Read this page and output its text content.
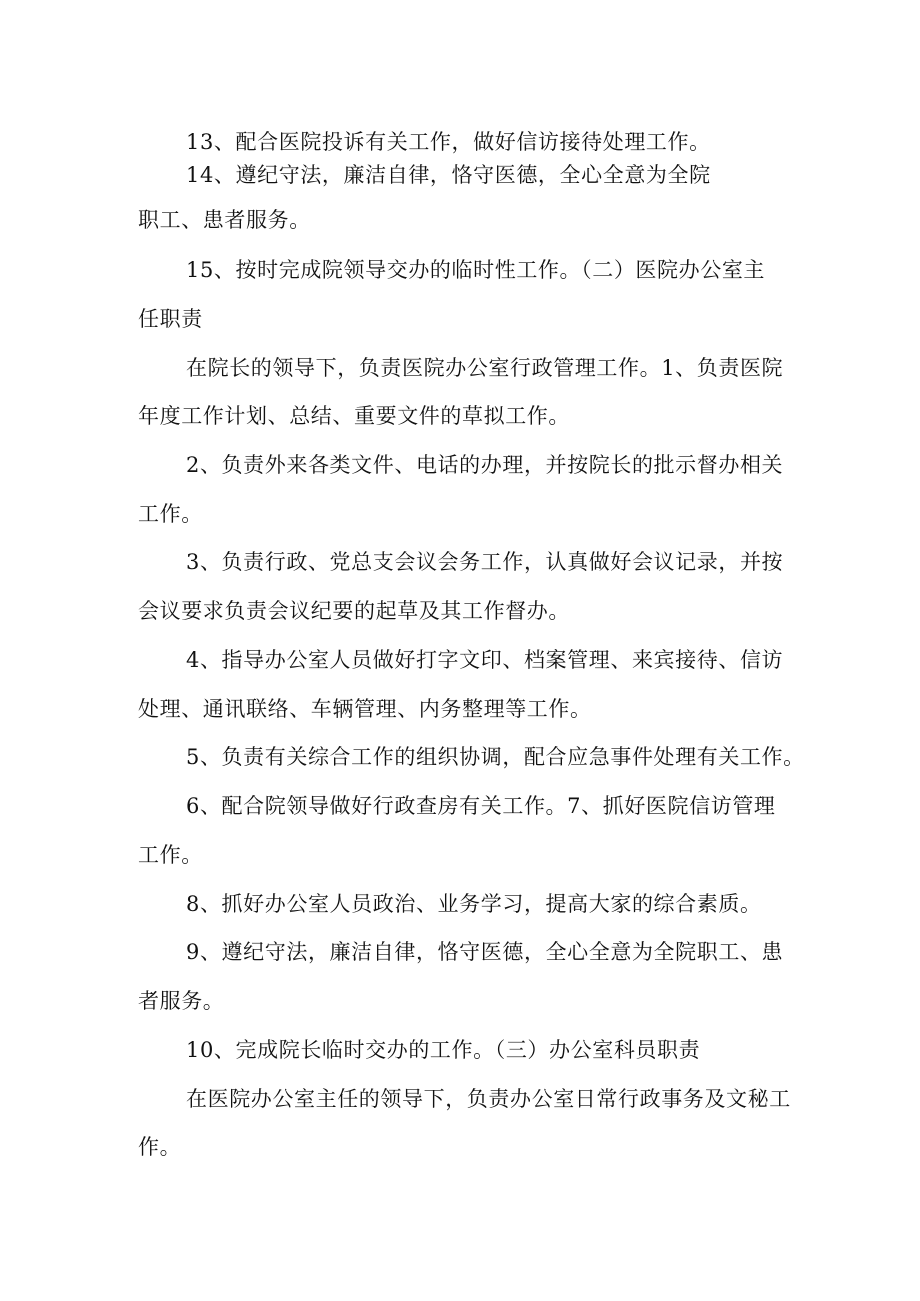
13、配合医院投诉有关工作，做好信访接待处理工作。
14、遵纪守法，廉洁自律，恪守医德，全心全意为全院
职工、患者服务。
15、按时完成院领导交办的临时性工作。（二）医院办公室主
任职责
在院长的领导下，负责医院办公室行政管理工作。1、负责医院
年度工作计划、总结、重要文件的草拟工作。
2、负责外来各类文件、电话的办理，并按院长的批示督办相关
工作。
3、负责行政、党总支会议会务工作，认真做好会议记录，并按
会议要求负责会议纪要的起草及其工作督办。
4、指导办公室人员做好打字文印、档案管理、来宾接待、信访
处理、通讯联络、车辆管理、内务整理等工作。
5、负责有关综合工作的组织协调，配合应急事件处理有关工作。
6、配合院领导做好行政查房有关工作。7、抓好医院信访管理
工作。
8、抓好办公室人员政治、业务学习，提高大家的综合素质。
9、遵纪守法，廉洁自律，恪守医德，全心全意为全院职工、患
者服务。
10、完成院长临时交办的工作。（三）办公室科员职责
在医院办公室主任的领导下，负责办公室日常行政事务及文秘工
作。
